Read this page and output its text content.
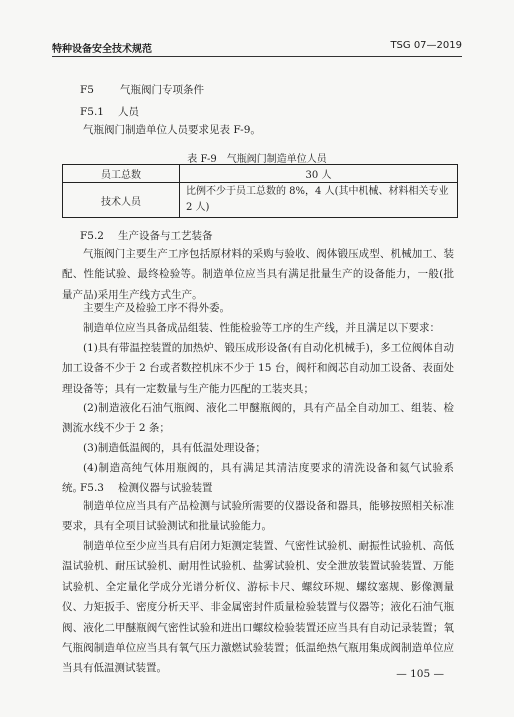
特种设备安全技术规范	TSG 07—2019
F5 气瓶阀门专项条件
F5.1 人员
气瓶阀门制造单位人员要求见表 F-9。
表 F-9　气瓶阀门制造单位人员
员工总数	30 人
技术人员	比例不少于员工总数的 8%，4 人(其中机械、材料相关专业 2 人)
F5.2 生产设备与工艺装备
气瓶阀门主要生产工序包括原材料的采购与验收、阀体锻压成型、机械加工、装配、性能试验、最终检验等。制造单位应当具有满足批量生产的设备能力，一般(批量产品)采用生产线方式生产。
主要生产及检验工序不得外委。
制造单位应当具备成品组装、性能检验等工序的生产线，并且满足以下要求：
(1)具有带温控装置的加热炉、锻压成形设备(有自动化机械手)，多工位阀体自动加工设备不少于 2 台或者数控机床不少于 15 台，阀杆和阀芯自动加工设备、表面处理设备等；具有一定数量与生产能力匹配的工装夹具；
(2)制造液化石油气瓶阀、液化二甲醚瓶阀的，具有产品全自动加工、组装、检测流水线不少于 2 条；
(3)制造低温阀的，具有低温处理设备；
(4)制造高纯气体用瓶阀的，具有满足其清洁度要求的清洗设备和氦气试验系统。
F5.3 检测仪器与试验装置
制造单位应当具有产品检测与试验所需要的仪器设备和器具，能够按照相关标准要求，具有全项目试验测试和批量试验能力。
制造单位至少应当具有启闭力矩测定装置、气密性试验机、耐振性试验机、高低温试验机、耐压试验机、耐用性试验机、盐雾试验机、安全泄放装置试验装置、万能试验机、全定量化学成分光谱分析仪、游标卡尺、螺纹环规、螺纹塞规、影像测量仪、力矩扳手、密度分析天平、非金属密封件质量检验装置与仪器等；液化石油气瓶阀、液化二甲醚瓶阀气密性试验和进出口螺纹检验装置还应当具有自动记录装置；氧气瓶阀制造单位应当具有氧气压力激燃试验装置；低温绝热气瓶用集成阀制造单位应当具有低温测试装置。	— 105 —
